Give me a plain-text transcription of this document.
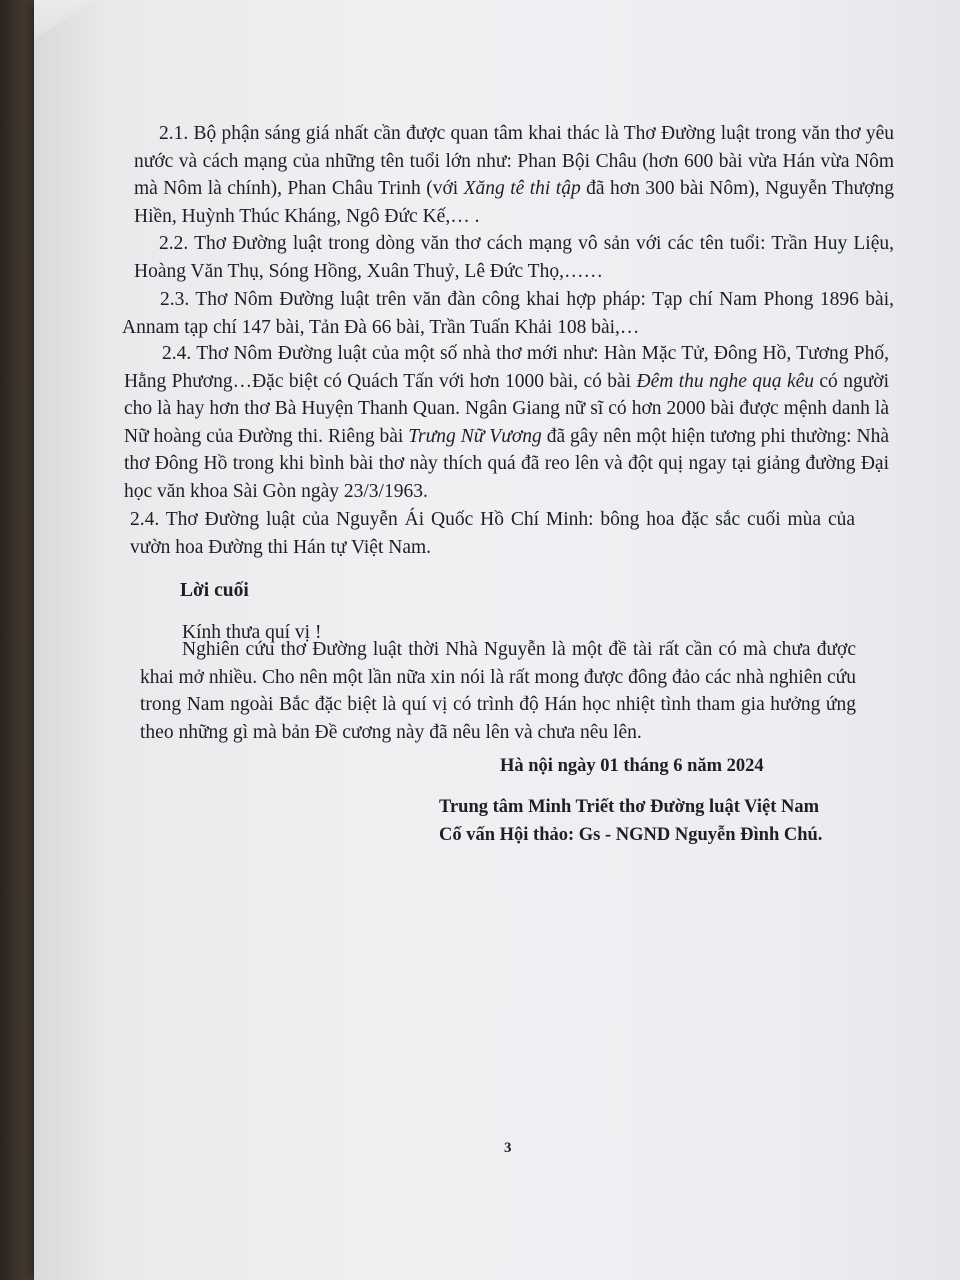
2.1. Bộ phận sáng giá nhất cần được quan tâm khai thác là Thơ Đường luật trong văn thơ yêu nước và cách mạng của những tên tuổi lớn như: Phan Bội Châu (hơn 600 bài vừa Hán vừa Nôm mà Nôm là chính), Phan Châu Trinh (với Xăng tê thi tập đã hơn 300 bài Nôm), Nguyễn Thượng Hiền, Huỳnh Thúc Kháng, Ngô Đức Kế,… .

2.2. Thơ Đường luật trong dòng văn thơ cách mạng vô sản với các tên tuổi: Trần Huy Liệu, Hoàng Văn Thụ, Sóng Hồng, Xuân Thuỷ, Lê Đức Thọ,……

2.3. Thơ Nôm Đường luật trên văn đàn công khai hợp pháp: Tạp chí Nam Phong 1896 bài, Annam tạp chí 147 bài, Tản Đà 66 bài, Trần Tuấn Khải 108 bài,…

2.4. Thơ Nôm Đường luật của một số nhà thơ mới như: Hàn Mặc Tử, Đông Hồ, Tương Phố, Hằng Phương…Đặc biệt có Quách Tấn với hơn 1000 bài, có bài Đêm thu nghe quạ kêu có người cho là hay hơn thơ Bà Huyện Thanh Quan. Ngân Giang nữ sĩ có hơn 2000 bài được mệnh danh là Nữ hoàng của Đường thi. Riêng bài Trưng Nữ Vương đã gây nên một hiện tương phi thường: Nhà thơ Đông Hồ trong khi bình bài thơ này thích quá đã reo lên và đột quị ngay tại giảng đường Đại học văn khoa Sài Gòn ngày 23/3/1963.

2.4. Thơ Đường luật của Nguyễn Ái Quốc Hồ Chí Minh: bông hoa đặc sắc cuối mùa của vườn hoa Đường thi Hán tự Việt Nam.

Lời cuối

Kính thưa quí vị !

Nghiên cứu thơ Đường luật thời Nhà Nguyễn là một đề tài rất cần có mà chưa được khai mở nhiều. Cho nên một lần nữa xin nói là rất mong được đông đảo các nhà nghiên cứu trong Nam ngoài Bắc đặc biệt là quí vị có trình độ Hán học nhiệt tình tham gia hưởng ứng theo những gì mà bản Đề cương này đã nêu lên và chưa nêu lên.

Hà nội ngày 01 tháng 6 năm 2024

Trung tâm Minh Triết thơ Đường luật Việt Nam

Cố vấn Hội thảo: Gs - NGND Nguyễn Đình Chú.

3
